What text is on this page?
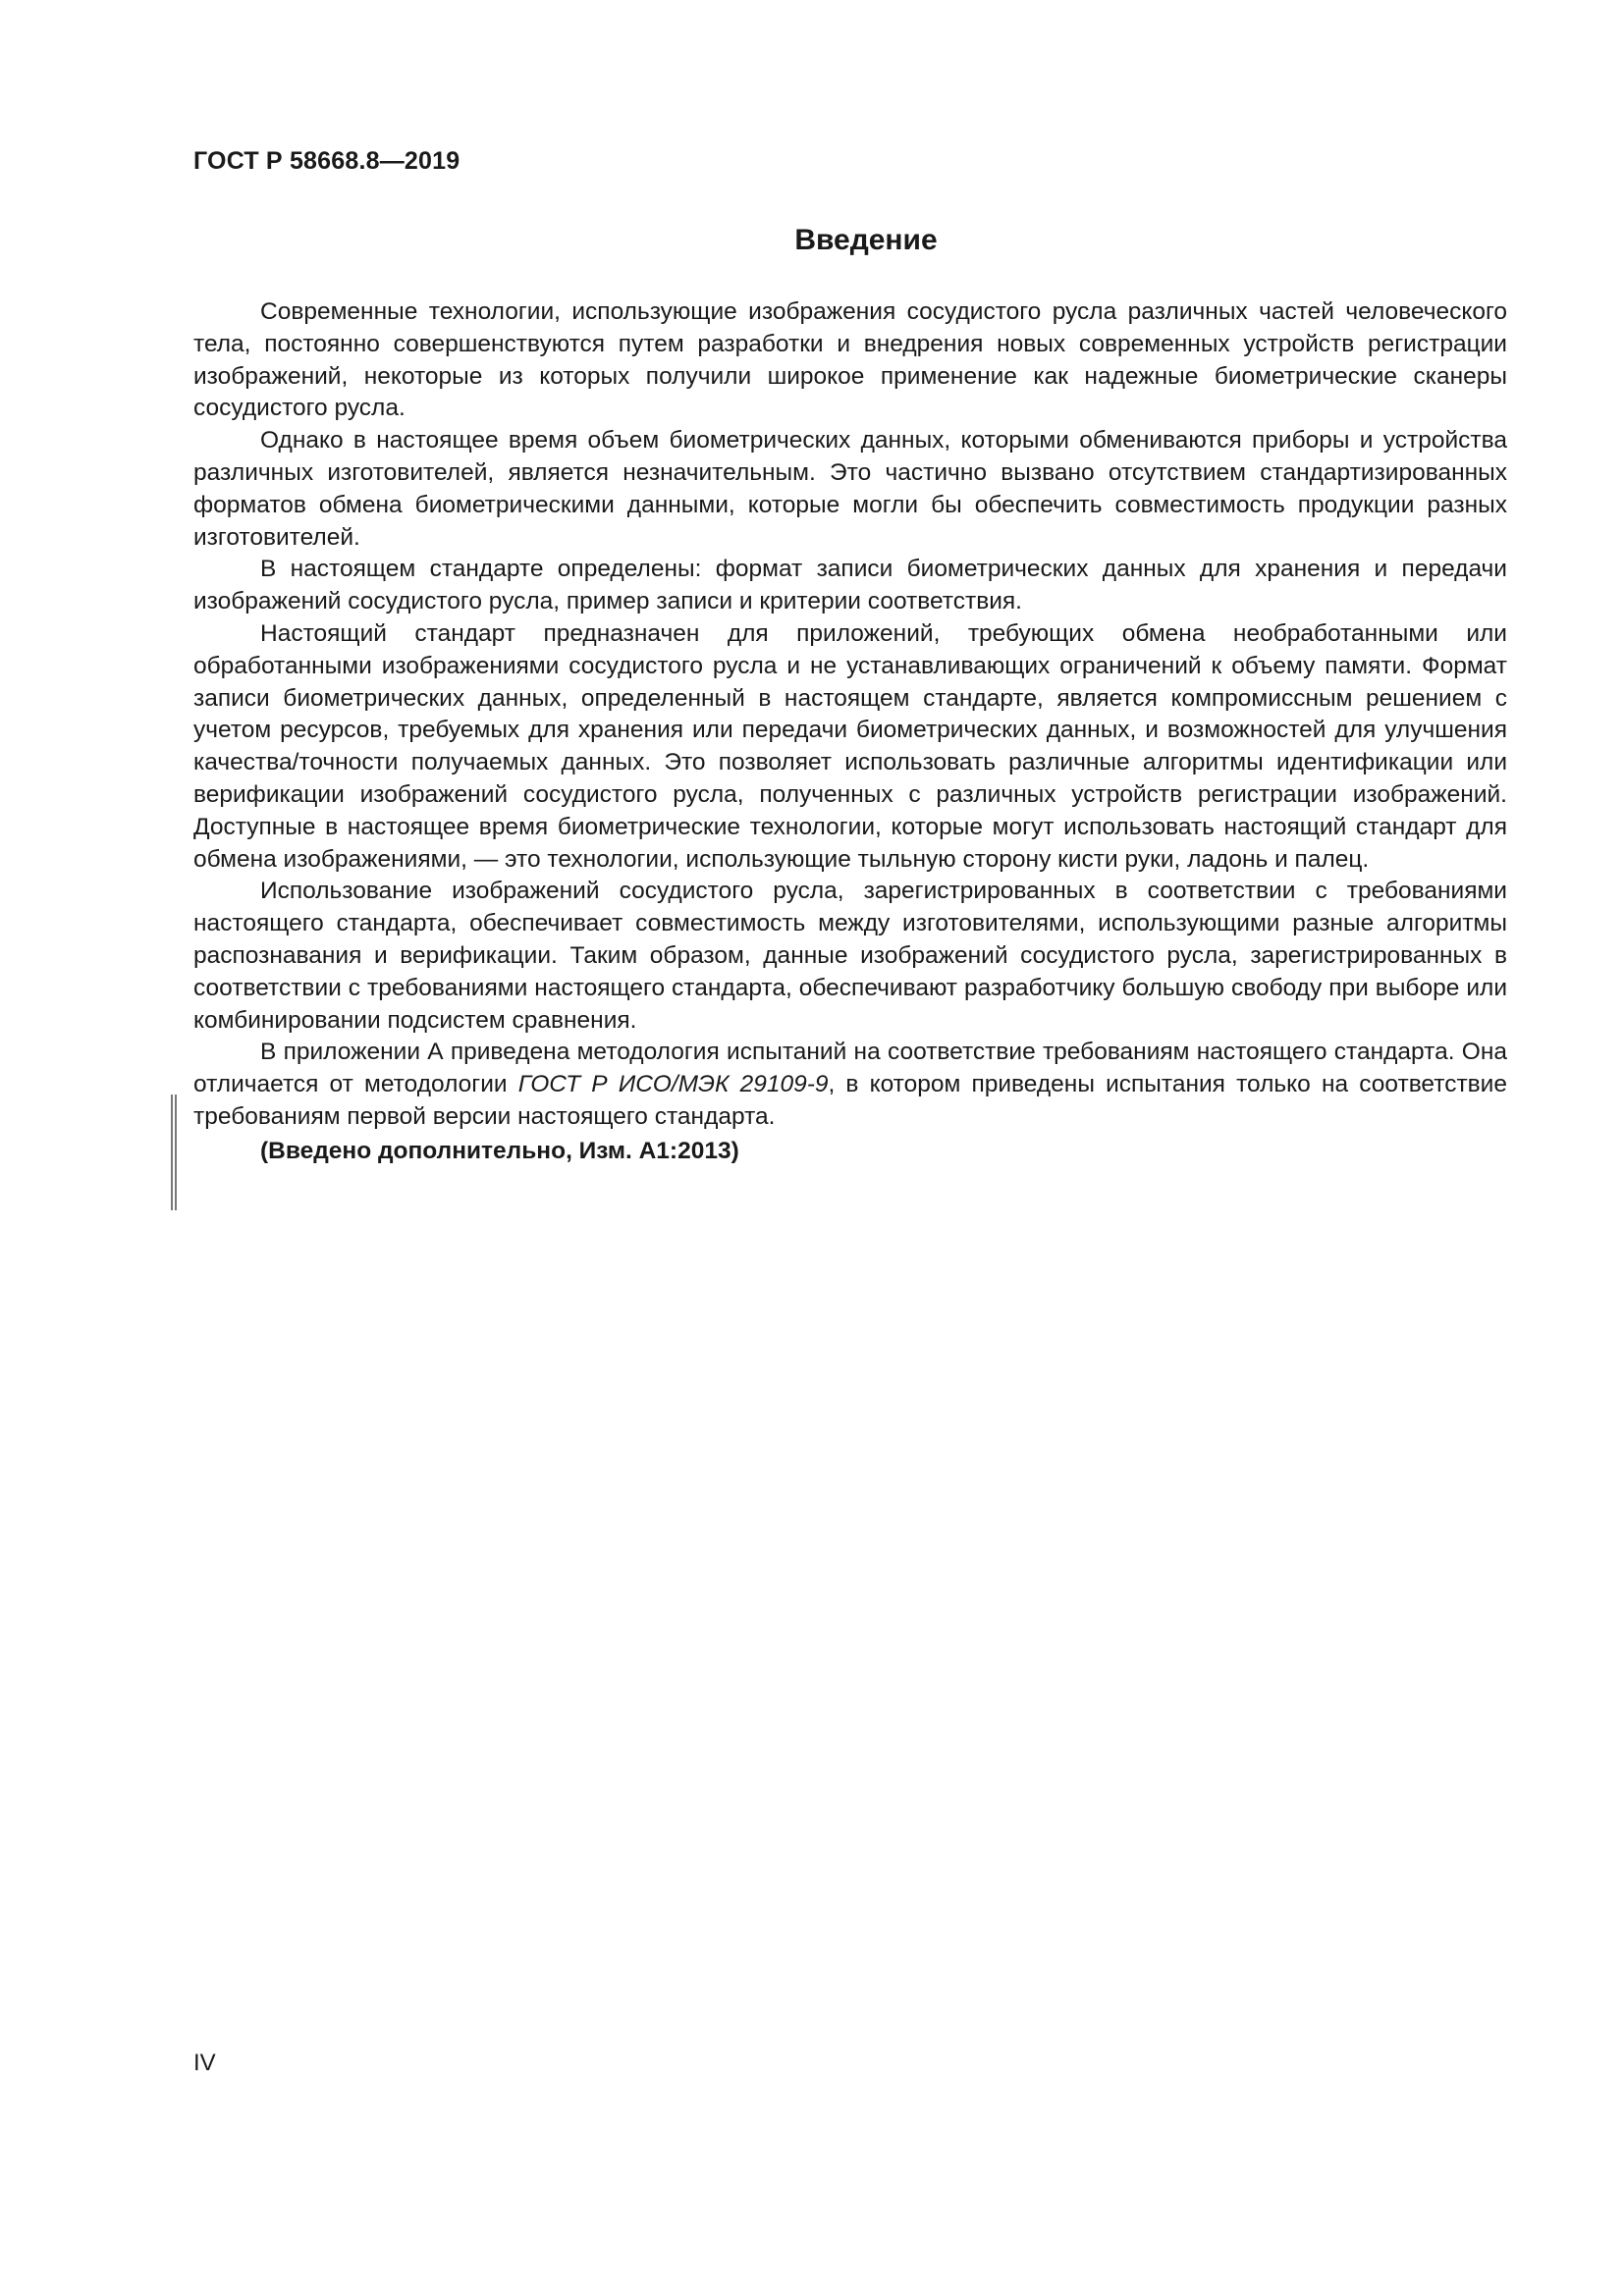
ГОСТ Р 58668.8—2019
Введение

Современные технологии, использующие изображения сосудистого русла различных частей человеческого тела, постоянно совершенствуются путем разработки и внедрения новых современных устройств регистрации изображений, некоторые из которых получили широкое применение как надежные биометрические сканеры сосудистого русла.

Однако в настоящее время объем биометрических данных, которыми обмениваются приборы и устройства различных изготовителей, является незначительным. Это частично вызвано отсутствием стандартизированных форматов обмена биометрическими данными, которые могли бы обеспечить совместимость продукции разных изготовителей.

В настоящем стандарте определены: формат записи биометрических данных для хранения и передачи изображений сосудистого русла, пример записи и критерии соответствия.

Настоящий стандарт предназначен для приложений, требующих обмена необработанными или обработанными изображениями сосудистого русла и не устанавливающих ограничений к объему памяти. Формат записи биометрических данных, определенный в настоящем стандарте, является компромиссным решением с учетом ресурсов, требуемых для хранения или передачи биометрических данных, и возможностей для улучшения качества/точности получаемых данных. Это позволяет использовать различные алгоритмы идентификации или верификации изображений сосудистого русла, полученных с различных устройств регистрации изображений. Доступные в настоящее время биометрические технологии, которые могут использовать настоящий стандарт для обмена изображениями, — это технологии, использующие тыльную сторону кисти руки, ладонь и палец.

Использование изображений сосудистого русла, зарегистрированных в соответствии с требованиями настоящего стандарта, обеспечивает совместимость между изготовителями, использующими разные алгоритмы распознавания и верификации. Таким образом, данные изображений сосудистого русла, зарегистрированных в соответствии с требованиями настоящего стандарта, обеспечивают разработчику большую свободу при выборе или комбинировании подсистем сравнения.

В приложении А приведена методология испытаний на соответствие требованиям настоящего стандарта. Она отличается от методологии ГОСТ Р ИСО/МЭК 29109-9, в котором приведены испытания только на соответствие требованиям первой версии настоящего стандарта.

(Введено дополнительно, Изм. А1:2013)

IV
